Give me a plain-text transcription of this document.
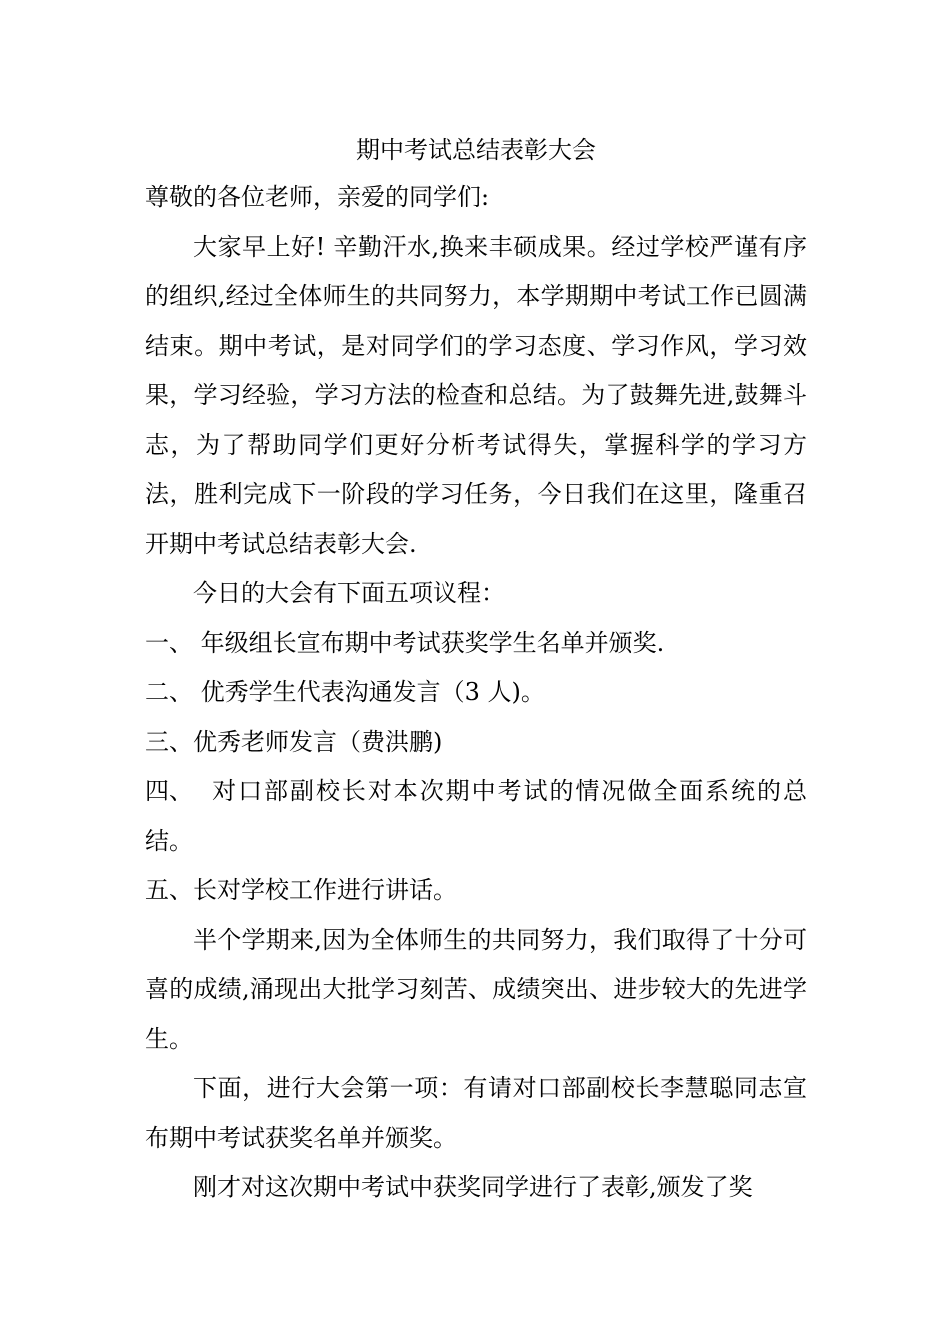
期中考试总结表彰大会

尊敬的各位老师，亲爱的同学们:

大家早上好! 辛勤汗水,换来丰硕成果。经过学校严谨有序的组织,经过全体师生的共同努力，本学期期中考试工作已圆满结束。期中考试，是对同学们的学习态度、学习作风，学习效果，学习经验，学习方法的检查和总结。为了鼓舞先进,鼓舞斗志，为了帮助同学们更好分析考试得失，掌握科学的学习方法，胜利完成下一阶段的学习任务，今日我们在这里，隆重召开期中考试总结表彰大会.

今日的大会有下面五项议程：

一、 年级组长宣布期中考试获奖学生名单并颁奖.

二、 优秀学生代表沟通发言（3 人)。

三、优秀老师发言（费洪鹏)

四、  对口部副校长对本次期中考试的情况做全面系统的总结。

五、长对学校工作进行讲话。

半个学期来,因为全体师生的共同努力，我们取得了十分可喜的成绩,涌现出大批学习刻苦、成绩突出、进步较大的先进学生。

下面，进行大会第一项：有请对口部副校长李慧聪同志宣布期中考试获奖名单并颁奖。

刚才对这次期中考试中获奖同学进行了表彰,颁发了奖
